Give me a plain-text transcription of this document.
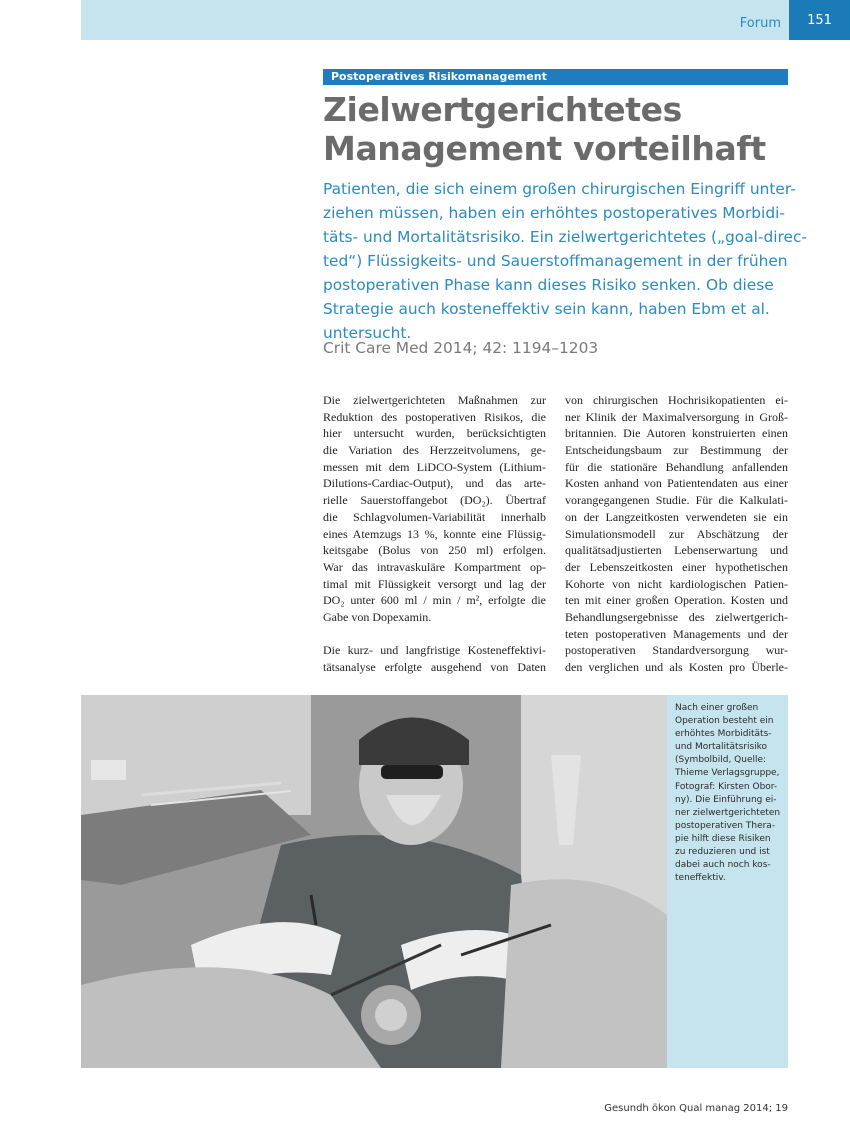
Forum	151
Postoperatives Risikomanagement
Zielwertgerichtetes
Management vorteilhaft
Patienten, die sich einem großen chirurgischen Eingriff unter-
ziehen müssen, haben ein erhöhtes postoperatives Morbidi-
täts- und Mortalitätsrisiko. Ein zielwertgerichtetes („goal-direc-
ted“) Flüssigkeits- und Sauerstoffmanagement in der frühen
postoperativen Phase kann dieses Risiko senken. Ob diese
Strategie auch kosteneffektiv sein kann, haben Ebm et al.
untersucht.
Crit Care Med 2014; 42: 1194–1203
Die zielwertgerichteten Maßnahmen zur
Reduktion des postoperativen Risikos, die
hier untersucht wurden, berücksichtigten
die Variation des Herzzeitvolumens, ge-
messen mit dem LiDCO-System (Lithium-
Dilutions-Cardiac-Output), und das arte-
rielle Sauerstoffangebot (DO₂). Übertraf
die Schlagvolumen-Variabilität innerhalb
eines Atemzugs 13 %, konnte eine Flüssig-
keitsgabe (Bolus von 250 ml) erfolgen.
War das intravaskuläre Kompartment op-
timal mit Flüssigkeit versorgt und lag der
DO₂ unter 600 ml / min / m², erfolgte die
Gabe von Dopexamin.
Die kurz- und langfristige Kosteneffektivi-
tätsanalyse erfolgte ausgehend von Daten
von chirurgischen Hochrisikopatienten ei-
ner Klinik der Maximalversorgung in Groß-
britannien. Die Autoren konstruierten einen
Entscheidungsbaum zur Bestimmung der
für die stationäre Behandlung anfallenden
Kosten anhand von Patientendaten aus einer
vorangegangenen Studie. Für die Kalkulati-
on der Langzeitkosten verwendeten sie ein
Simulationsmodell zur Abschätzung der
qualitätsadjustierten Lebenserwartung und
der Lebenszeitkosten einer hypothetischen
Kohorte von nicht kardiologischen Patien-
ten mit einer großen Operation. Kosten und
Behandlungsergebnisse des zielwertgerich-
teten postoperativen Managements und der
postoperativen Standardversorgung wur-
den verglichen und als Kosten pro Überle-
Nach einer großen
Operation besteht ein
erhöhtes Morbiditäts-
und Mortalitätsrisiko
(Symbolbild, Quelle:
Thieme Verlagsgruppe,
Fotograf: Kirsten Obor-
ny). Die Einführung ei-
ner zielwertgerichteten
postoperativen Thera-
pie hilft diese Risiken
zu reduzieren und ist
dabei auch noch kos-
teneffektiv.
Gesundh ökon Qual manag 2014; 19
